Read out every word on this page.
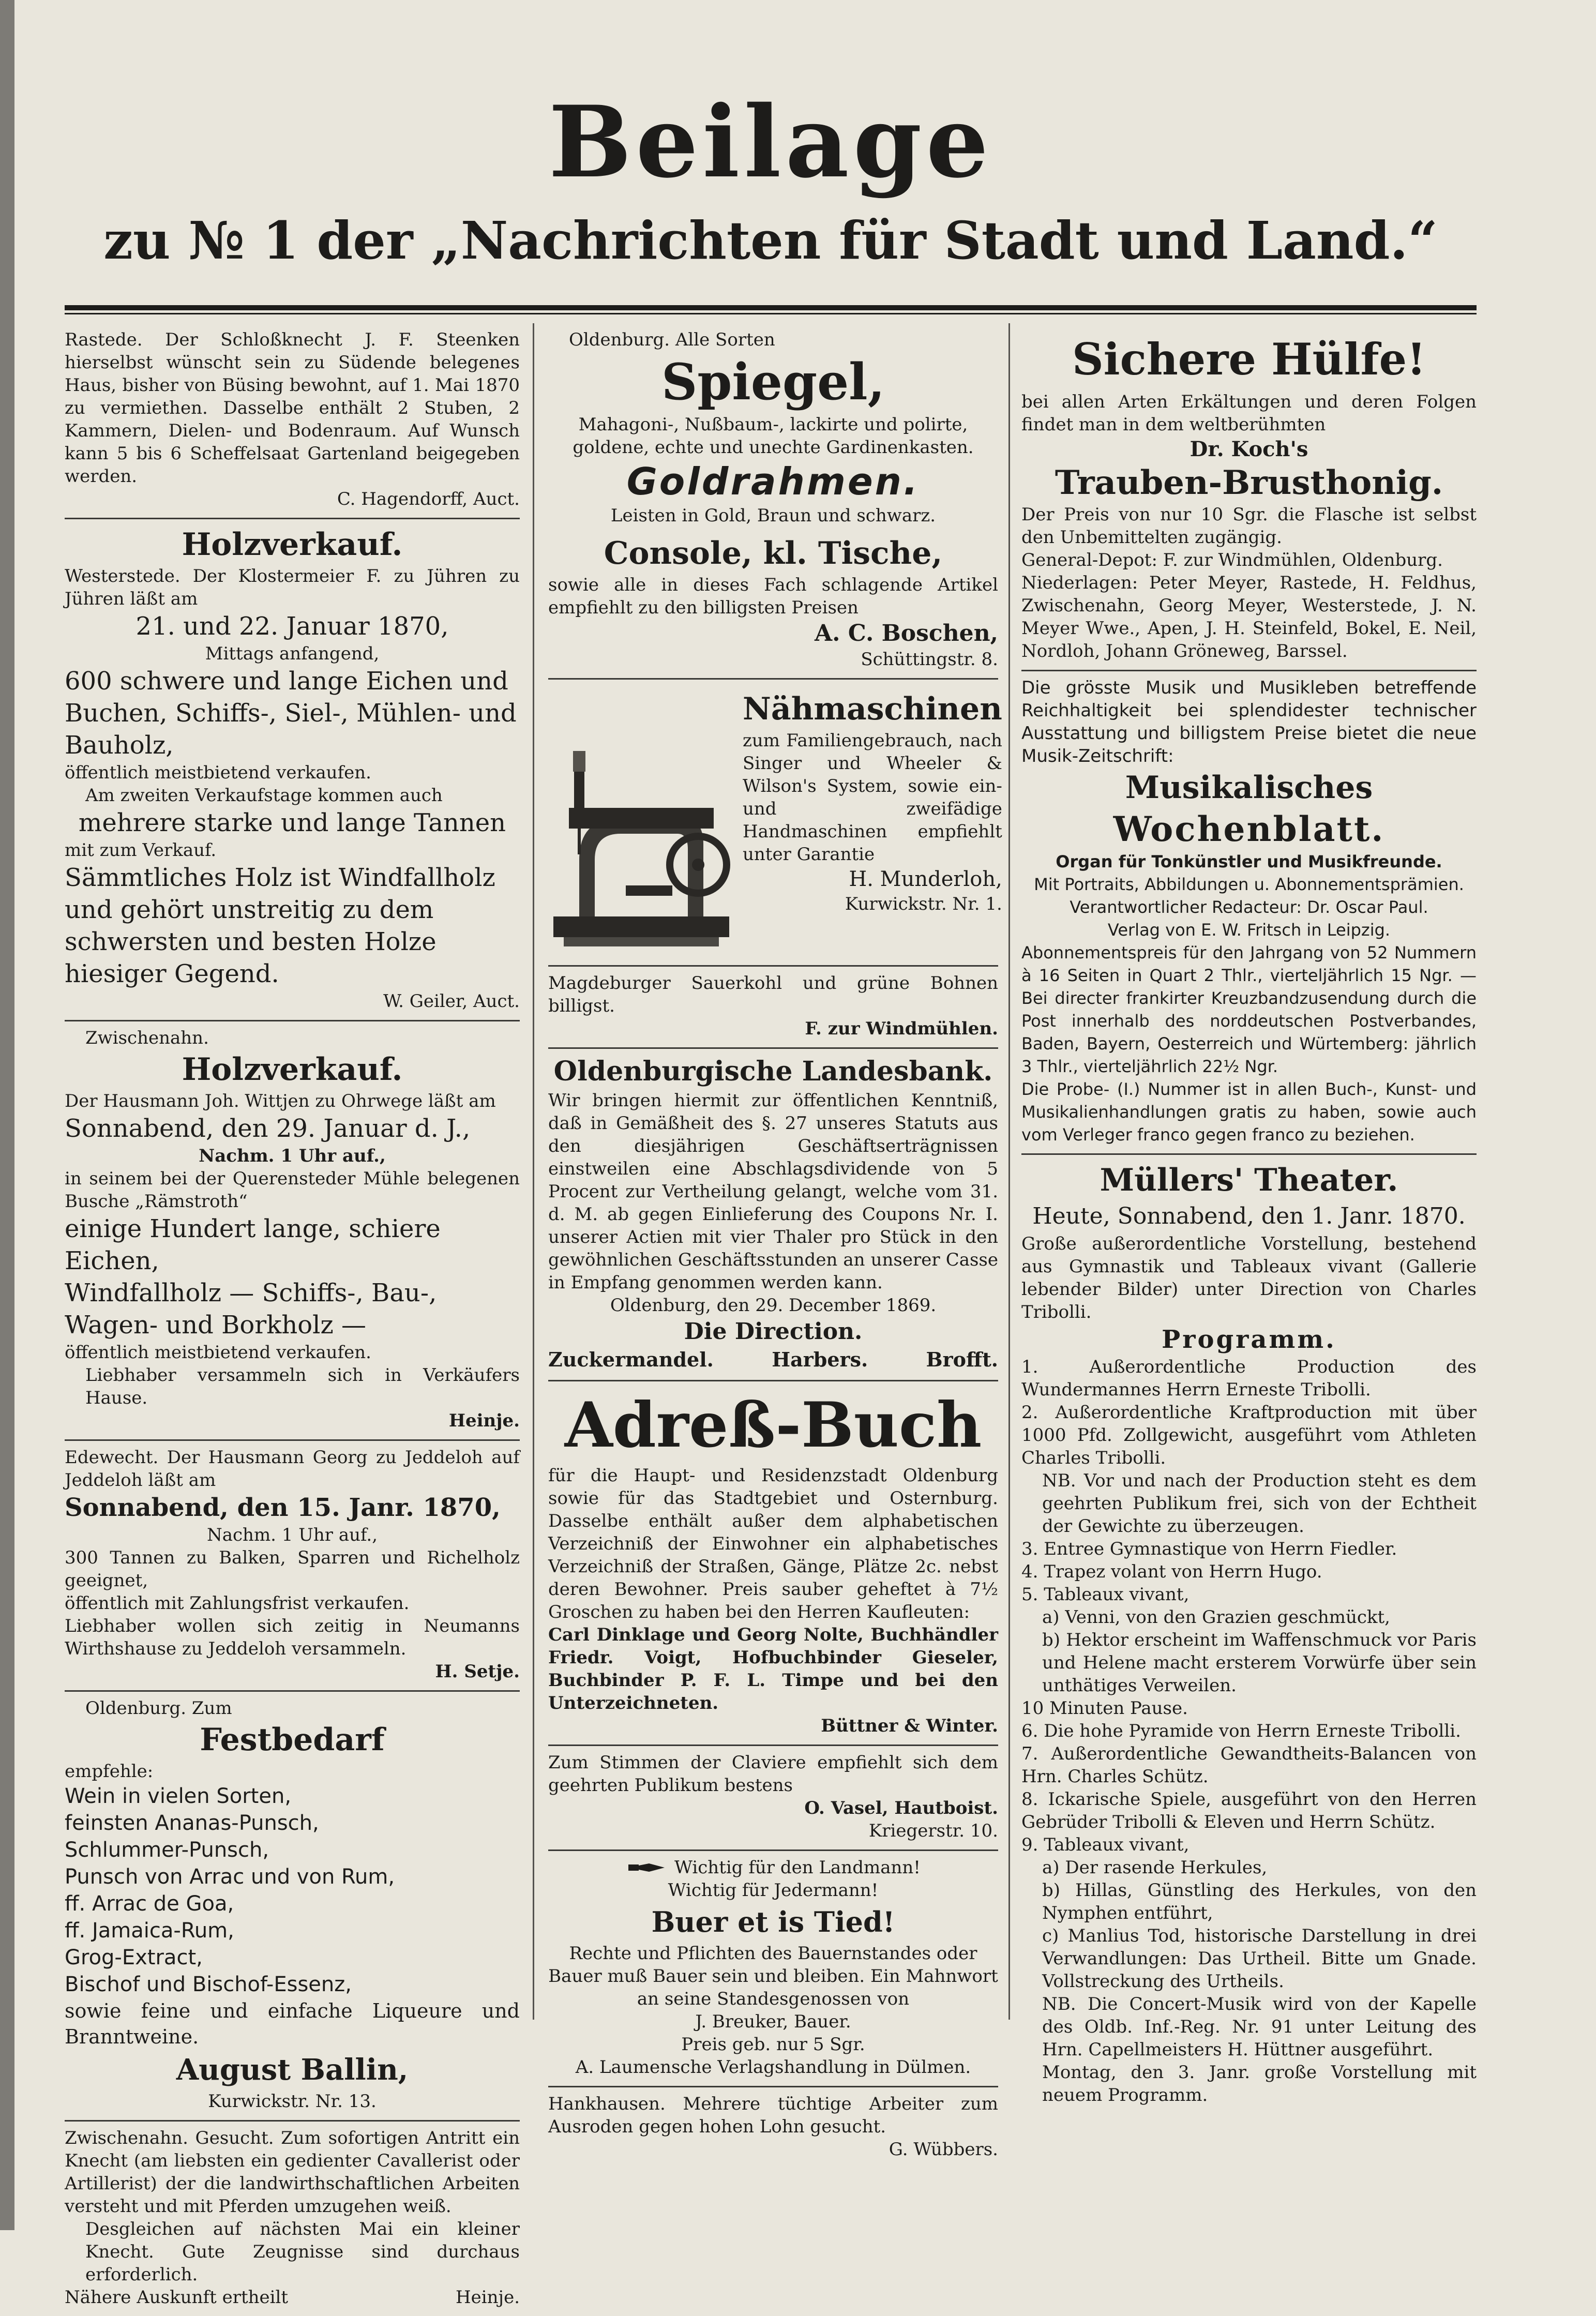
Beilage
zu № 1 der „Nachrichten für Stadt und Land.“

Rastede. Der Schloßknecht J. F. Steenken hierselbst wünscht sein zu Südende belegenes Haus, bisher von Büsing bewohnt, auf 1. Mai 1870 zu vermiethen. Dasselbe enthält 2 Stuben, 2 Kammern, Dielen- und Bodenraum. Auf Wunsch kann 5 bis 6 Scheffelsaat Gartenland beigegeben werden.

C. Hagendorff, Auct.

Holzverkauf.

Westerstede. Der Klostermeier F. zu Jühren zu Jühren läßt am

21. und 22. Januar 1870,

Mittags anfangend,

600 schwere und lange Eichen und Buchen, Schiffs-, Siel-, Mühlen- und Bauholz,

öffentlich meistbietend verkaufen.

Am zweiten Verkaufstage kommen auch

mehrere starke und lange Tannen

mit zum Verkauf.

Sämmtliches Holz ist Windfallholz und gehört unstreitig zu dem schwersten und besten Holze hiesiger Gegend.

W. Geiler, Auct.

Zwischenahn.

Holzverkauf.

Der Hausmann Joh. Wittjen zu Ohrwege läßt am

Sonnabend, den 29. Januar d. J.,

Nachm. 1 Uhr auf.,

in seinem bei der Querensteder Mühle belegenen Busche „Rämstroth“

einige Hundert lange, schiere Eichen,

Windfallholz — Schiffs-, Bau-, Wagen- und Borkholz —

öffentlich meistbietend verkaufen.

Liebhaber versammeln sich in Verkäufers Hause.

Heinje.

Edewecht. Der Hausmann Georg zu Jeddeloh auf Jeddeloh läßt am

Sonnabend, den 15. Janr. 1870,

Nachm. 1 Uhr auf.,

300 Tannen zu Balken, Sparren und Richelholz geeignet,

öffentlich mit Zahlungsfrist verkaufen.

Liebhaber wollen sich zeitig in Neumanns Wirthshause zu Jeddeloh versammeln.

H. Setje.

Oldenburg. Zum

Festbedarf

empfehle:

Wein in vielen Sorten,
feinsten Ananas-Punsch,
Schlummer-Punsch,
Punsch von Arrac und von Rum,
ff. Arrac de Goa,
ff. Jamaica-Rum,
Grog-Extract,
Bischof und Bischof-Essenz,

sowie feine und einfache Liqueure und Branntweine.

August Ballin,

Kurwickstr. Nr. 13.

Zwischenahn. Gesucht. Zum sofortigen Antritt ein Knecht (am liebsten ein gedienter Cavallerist oder Artillerist) der die landwirthschaftlichen Arbeiten versteht und mit Pferden umzugehen weiß.

Desgleichen auf nächsten Mai ein kleiner Knecht. Gute Zeugnisse sind durchaus erforderlich.

Nähere Auskunft ertheilt	Heinje.

Oldenburg. Alle Sorten

Spiegel,

Mahagoni-, Nußbaum-, lackirte und polirte, goldene, echte und unechte Gardinenkasten.

Goldrahmen.

Leisten in Gold, Braun und schwarz.

Console, kl. Tische,

sowie alle in dieses Fach schlagende Artikel empfiehlt zu den billigsten Preisen

A. C. Boschen,

Schüttingstr. 8.

Nähmaschinen

zum Familiengebrauch, nach Singer und Wheeler & Wilson's System, sowie ein- und zweifädige Handmaschinen empfiehlt unter Garantie

H. Munderloh,

Kurwickstr. Nr. 1.

Magdeburger Sauerkohl und grüne Bohnen billigst.

F. zur Windmühlen.

Oldenburgische Landesbank.

Wir bringen hiermit zur öffentlichen Kenntniß, daß in Gemäßheit des §. 27 unseres Statuts aus den diesjährigen Geschäftserträgnissen einstweilen eine Abschlagsdividende von 5 Procent zur Vertheilung gelangt, welche vom 31. d. M. ab gegen Einlieferung des Coupons Nr. I. unserer Actien mit vier Thaler pro Stück in den gewöhnlichen Geschäftsstunden an unserer Casse in Empfang genommen werden kann.

Oldenburg, den 29. December 1869.

Die Direction.

Zuckermandel.	Harbers.	Brofft.

Adreß-Buch

für die Haupt- und Residenzstadt Oldenburg sowie für das Stadtgebiet und Osternburg. Dasselbe enthält außer dem alphabetischen Verzeichniß der Einwohner ein alphabetisches Verzeichniß der Straßen, Gänge, Plätze 2c. nebst deren Bewohner. Preis sauber geheftet à 7½ Groschen zu haben bei den Herren Kaufleuten:

Carl Dinklage und Georg Nolte, Buchhändler Friedr. Voigt, Hofbuchbinder Gieseler, Buchbinder P. F. L. Timpe und bei den Unterzeichneten.

Büttner & Winter.

Zum Stimmen der Claviere empfiehlt sich dem geehrten Publikum bestens

O. Vasel, Hautboist.

Kriegerstr. 10.

Wichtig für den Landmann!

Wichtig für Jedermann!

Buer et is Tied!

Rechte und Pflichten des Bauernstandes oder Bauer muß Bauer sein und bleiben. Ein Mahnwort an seine Standesgenossen von

J. Breuker, Bauer.

Preis geb. nur 5 Sgr.

A. Laumensche Verlagshandlung in Dülmen.

Hankhausen. Mehrere tüchtige Arbeiter zum Ausroden gegen hohen Lohn gesucht.

G. Wübbers.

Sichere Hülfe!

bei allen Arten Erkältungen und deren Folgen findet man in dem weltberühmten

Dr. Koch's

Trauben-Brusthonig.

Der Preis von nur 10 Sgr. die Flasche ist selbst den Unbemittelten zugängig.

General-Depot: F. zur Windmühlen, Oldenburg.

Niederlagen: Peter Meyer, Rastede, H. Feldhus, Zwischenahn, Georg Meyer, Westerstede, J. N. Meyer Wwe., Apen, J. H. Steinfeld, Bokel, E. Neil, Nordloh, Johann Gröneweg, Barssel.

Die grösste Musik und Musikleben betreffende Reichhaltigkeit bei splendidester technischer Ausstattung und billigstem Preise bietet die neue Musik-Zeitschrift:

Musikalisches

Wochenblatt.

Organ für Tonkünstler und Musikfreunde.

Mit Portraits, Abbildungen u. Abonnementsprämien.

Verantwortlicher Redacteur: Dr. Oscar Paul.

Verlag von E. W. Fritsch in Leipzig.

Abonnementspreis für den Jahrgang von 52 Nummern à 16 Seiten in Quart 2 Thlr., vierteljährlich 15 Ngr. — Bei directer frankirter Kreuzbandzusendung durch die Post innerhalb des norddeutschen Postverbandes, Baden, Bayern, Oesterreich und Würtemberg: jährlich 3 Thlr., vierteljährlich 22½ Ngr.

Die Probe- (I.) Nummer ist in allen Buch-, Kunst- und Musikalienhandlungen gratis zu haben, sowie auch vom Verleger franco gegen franco zu beziehen.

Müllers' Theater.

Heute, Sonnabend, den 1. Janr. 1870.

Große außerordentliche Vorstellung, bestehend aus Gymnastik und Tableaux vivant (Gallerie lebender Bilder) unter Direction von Charles Tribolli.

Programm.

1. Außerordentliche Production des Wundermannes Herrn Erneste Tribolli.
2. Außerordentliche Kraftproduction mit über 1000 Pfd. Zollgewicht, ausgeführt vom Athleten Charles Tribolli.
NB. Vor und nach der Production steht es dem geehrten Publikum frei, sich von der Echtheit der Gewichte zu überzeugen.
3. Entree Gymnastique von Herrn Fiedler.
4. Trapez volant von Herrn Hugo.
5. Tableaux vivant,
a) Venni, von den Grazien geschmückt,
b) Hektor erscheint im Waffenschmuck vor Paris und Helene macht ersterem Vorwürfe über sein unthätiges Verweilen.
10 Minuten Pause.
6. Die hohe Pyramide von Herrn Erneste Tribolli.
7. Außerordentliche Gewandtheits-Balancen von Hrn. Charles Schütz.
8. Ickarische Spiele, ausgeführt von den Herren Gebrüder Tribolli & Eleven und Herrn Schütz.
9. Tableaux vivant,
a) Der rasende Herkules,
b) Hillas, Günstling des Herkules, von den Nymphen entführt,
c) Manlius Tod, historische Darstellung in drei Verwandlungen: Das Urtheil. Bitte um Gnade. Vollstreckung des Urtheils.
NB. Die Concert-Musik wird von der Kapelle des Oldb. Inf.-Reg. Nr. 91 unter Leitung des Hrn. Capellmeisters H. Hüttner ausgeführt.
Montag, den 3. Janr. große Vorstellung mit neuem Programm.
